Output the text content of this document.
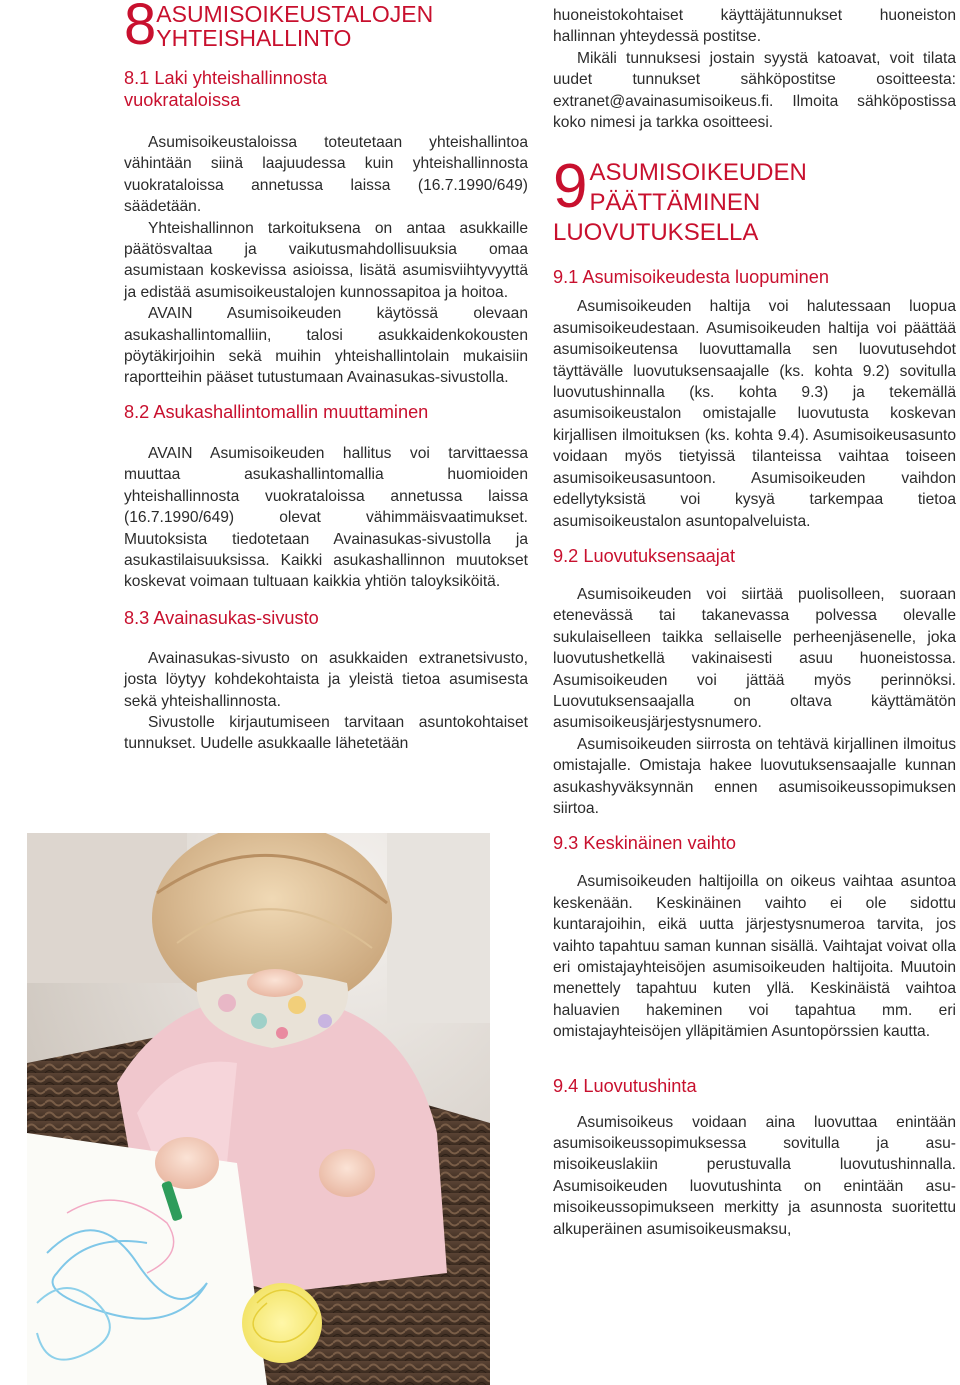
8 ASUMISOIKEUSTALOJEN
YHTEISHALLINTO
8.1 Laki yhteishallinnosta
vuokrataloissa

Asumisoikeustaloissa toteutetaan yhteishallintoa vähintään siinä laajuudessa kuin yhteishallinnosta vuokrataloissa annetussa laissa (16.7.1990/649) säädetään.

Yhteishallinnon tarkoituksena on antaa asukkaille päätösvaltaa ja vaikutusmahdollisuuksia omaa asumistaan koskevissa asioissa, lisätä asumisviihtyvyyttä ja edistää asumisoikeustalojen kunnossapitoa ja hoitoa.

AVAIN Asumisoikeuden käytössä olevaan asukashallintomalliin, talosi asukkaidenkokousten pöytäkirjoihin sekä muihin yhteishallintolain mukaisiin raportteihin pääset tutustumaan Avainasukas-sivustolla.

8.2 Asukashallintomallin muuttaminen

AVAIN Asumisoikeuden hallitus voi tarvittaessa muuttaa asukashallintomallia huomioiden yhteishallinnosta vuokrataloissa annetussa laissa (16.7.1990/649) olevat vähimmäisvaatimukset. Muutoksista tiedotetaan Avainasukas-sivustolla ja asukastilaisuuksissa. Kaikki asukashallinnon muutokset koskevat voimaan tultuaan kaikkia yhtiön taloyksiköitä.

8.3 Avainasukas-sivusto

Avainasukas-sivusto on asukkaiden extranetsivusto, josta löytyy kohdekohtaista ja yleistä tietoa asumisesta sekä yhteishallinnosta.

Sivustolle kirjautumiseen tarvitaan asuntokohtaiset tunnukset. Uudelle asukkaalle lähetetään

huoneistokohtaiset käyttäjätunnukset huoneiston hallinnan yhteydessä postitse.

Mikäli tunnuksesi jostain syystä katoavat, voit tilata uudet tunnukset sähköpostitse osoitteesta: extranet@avainasumisoikeus.fi. Ilmoita sähköpostissa koko nimesi ja tarkka osoitteesi.

9 ASUMISOIKEUDEN
PÄÄTTÄMINEN
LUOVUTUKSELLA
9.1 Asumisoikeudesta luopuminen

Asumisoikeuden haltija voi halutessaan luopua asumisoikeudestaan. Asumisoikeuden haltija voi päättää asumisoikeutensa luovuttamalla sen luovutusehdot täyttävälle luovutuksensaajalle (ks. kohta 9.2) sovitulla luovutushinnalla (ks. kohta 9.3) ja tekemällä asumisoikeustalon omistajalle luovutusta koskevan kirjallisen ilmoituksen (ks. kohta 9.4). Asumisoikeusasunto voidaan myös tietyissä tilanteissa vaihtaa toiseen asumisoikeusasuntoon. Asumisoikeuden vaihdon edellytyksistä voi kysyä tarkempaa tietoa asumisoikeustalon asuntopalveluista.

9.2 Luovutuksensaajat

Asumisoikeuden voi siirtää puolisolleen, suoraan etenevässä tai takanevassa polvessa olevalle sukulaiselleen taikka sellaiselle perheenjäsenelle, joka luovutushetkellä vakinaisesti asuu huoneistossa. Asumisoikeuden voi jättää myös perinnöksi. Luovutuksensaajalla on oltava käyttämätön asumisoikeusjärjestysnumero.

Asumisoikeuden siirrosta on tehtävä kirjallinen ilmoitus omistajalle. Omistaja hakee luovutuksensaajalle kunnan asukashyväksynnän ennen asumisoikeussopimuksen siirtoa.

9.3 Keskinäinen vaihto

Asumisoikeuden haltijoilla on oikeus vaihtaa asuntoa keskenään. Keskinäinen vaihto ei ole sidottu kuntarajoihin, eikä uutta järjestysnumeroa tarvita, jos vaihto tapahtuu saman kunnan sisällä. Vaihtajat voivat olla eri omistajayhteisöjen asumisoikeuden haltijoita. Muutoin menettely tapahtuu kuten yllä. Keskinäistä vaihtoa haluavien hakeminen voi tapahtua mm. eri omistajayhteisöjen ylläpitämien Asuntopörssien kautta.

9.4 Luovutushinta

Asumisoikeus voidaan aina luovuttaa enintään asumisoikeussopimuksessa sovitulla ja asumisoikeuslakiin perustuvalla luovutushinnalla. Asumisoikeuden luovutushinta on enintään asumisoikeussopimukseen merkitty ja asunnosta suoritettu alkuperäinen asumisoikeusmaksu,
